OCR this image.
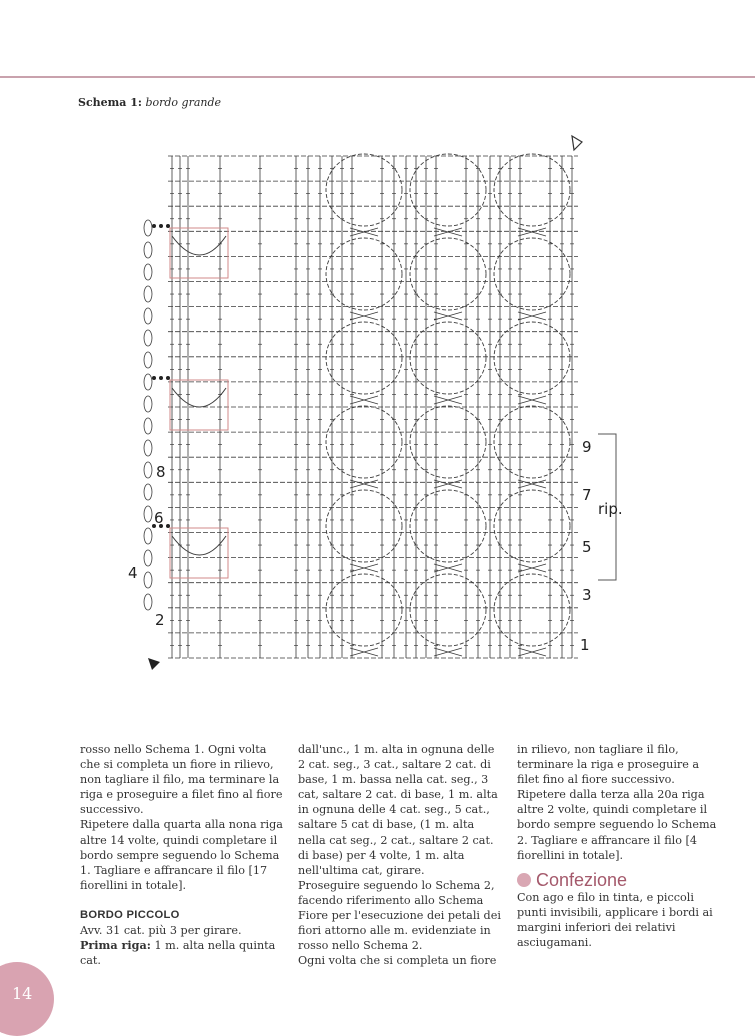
Schema 1: bordo grande
8
6
4
2
9
7
5
3
1
rip.

rosso nello Schema 1. Ogni volta che si completa un fiore in rilievo, non tagliare il filo, ma terminare la riga e proseguire a filet fino al fiore successivo.

Ripetere dalla quarta alla nona riga altre 14 volte, quindi completare il bordo sempre seguendo lo Schema 1. Tagliare e affrancare il filo [17 fiorellini in totale].

BORDO PICCOLO

Avv. 31 cat. più 3 per girare.

Prima riga: 1 m. alta nella quinta cat.

dall'unc., 1 m. alta in ognuna delle 2 cat. seg., 3 cat., saltare 2 cat. di base, 1 m. bassa nella cat. seg., 3 cat, saltare 2 cat. di base, 1 m. alta in ognuna delle 4 cat. seg., 5 cat., saltare 5 cat di base, (1 m. alta nella cat seg., 2 cat., saltare 2 cat. di base) per 4 volte, 1 m. alta nell'ultima cat, girare.

Proseguire seguendo lo Schema 2, facendo riferimento allo Schema Fiore per l'esecuzione dei petali dei fiori attorno alle m. evidenziate in rosso nello Schema 2.

Ogni volta che si completa un fiore

in rilievo, non tagliare il filo, terminare la riga e proseguire a filet fino al fiore successivo.

Ripetere dalla terza alla 20a riga altre 2 volte, quindi completare il bordo sempre seguendo lo Schema 2. Tagliare e affrancare il filo [4 fiorellini in totale].

Confezione

Con ago e filo in tinta, e piccoli punti invisibili, applicare i bordi ai margini inferiori dei relativi asciugamani.

14
